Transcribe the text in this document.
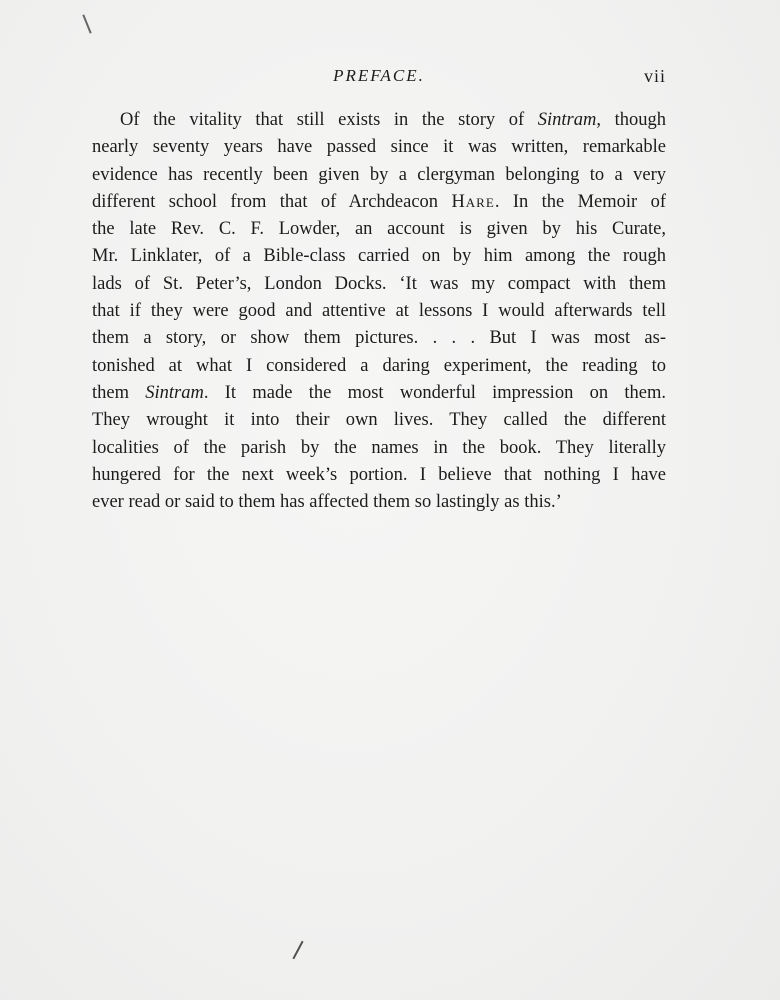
PREFACE.	vii
Of the vitality that still exists in the story of Sintram, though
nearly seventy years have passed since it was written, remarkable
evidence has recently been given by a clergyman belonging to a very
different school from that of Archdeacon Hare. In the Memoir of
the late Rev. C. F. Lowder, an account is given by his Curate,
Mr. Linklater, of a Bible-class carried on by him among the rough
lads of St. Peter’s, London Docks. ‘It was my compact with them
that if they were good and attentive at lessons I would afterwards tell
them a story, or show them pictures. . . . But I was most as-
tonished at what I considered a daring experiment, the reading to
them Sintram. It made the most wonderful impression on them.
They wrought it into their own lives. They called the different
localities of the parish by the names in the book. They literally
hungered for the next week’s portion. I believe that nothing I have
ever read or said to them has affected them so lastingly as this.’
